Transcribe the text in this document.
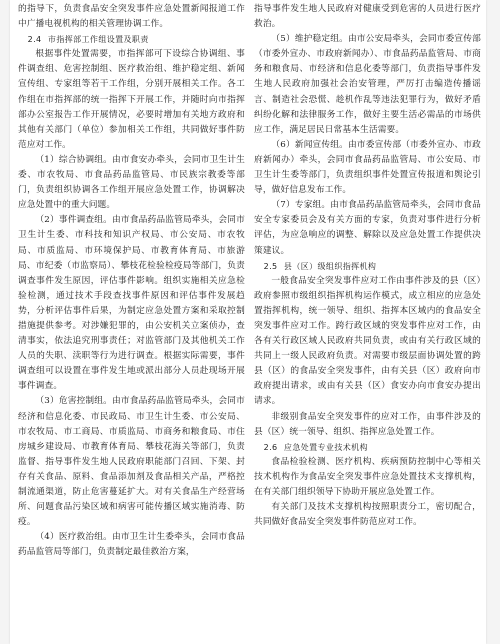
的指导下，负责食品安全突发事件应急处置新闻报道工作中广播电视机构的相关管理协调工作。

2.4 市指挥部工作组设置及职责

根据事件处置需要，市指挥部可下设综合协调组、事件调查组、危害控制组、医疗救治组、维护稳定组、新闻宣传组、专家组等若干工作组，分别开展相关工作。各工作组在市指挥部的统一指挥下开展工作，并随时向市指挥部办公室报告工作开展情况，必要时增加有关地方政府和其他有关部门（单位）参加相关工作组，共同做好事件防范应对工作。

（1）综合协调组。由市食安办牵头，会同市卫生计生委、市农牧局、市食品药品监管局、市民族宗教委等部门，负责组织协调各工作组开展应急处置工作，协调解决应急处置中的重大问题。

（2）事件调查组。由市食品药品监管局牵头，会同市卫生计生委、市科技和知识产权局、市公安局、市农牧局、市质监局、市环境保护局、市教育体育局、市旅游局、市纪委（市监察局）、攀枝花检验检疫局等部门，负责调查事件发生原因，评估事件影响。组织实施相关应急检验检测，通过技术手段查找事件原因和评估事件发展趋势，分析评估事件后果，为制定应急处置方案和采取控制措施提供参考。对涉嫌犯罪的，由公安机关立案侦办，查清事实，依法追究刑事责任；对监管部门及其他机关工作人员的失职、渎职等行为进行调查。根据实际需要，事件调查组可以设置在事件发生地或派出部分人员赴现场开展事件调查。

（3）危害控制组。由市食品药品监管局牵头，会同市经济和信息化委、市民政局、市卫生计生委、市公安局、市农牧局、市工商局、市质监局、市商务和粮食局、市住房城乡建设局、市教育体育局、攀枝花海关等部门，负责监督、指导事件发生地人民政府职能部门召回、下架、封存有关食品、原料、食品添加剂及食品相关产品，严格控制流通渠道，防止危害蔓延扩大。对有关食品生产经营场所、问题食品污染区域和病害可能传播区域实施消毒、防疫。

（4）医疗救治组。由市卫生计生委牵头，会同市食品药品监管局等部门，负责制定最佳救治方案，

指导事件发生地人民政府对健康受到危害的人员进行医疗救治。

（5）维护稳定组。由市公安局牵头，会同市委宣传部（市委外宣办、市政府新闻办）、市食品药品监管局、市商务和粮食局、市经济和信息化委等部门，负责指导事件发生地人民政府加强社会治安管理，严厉打击编造传播谣言、制造社会恐慌、趁机作乱等违法犯罪行为，做好矛盾纠纷化解和法律服务工作，做好主要生活必需品的市场供应工作，满足居民日常基本生活需要。

（6）新闻宣传组。由市委宣传部（市委外宣办、市政府新闻办）牵头，会同市食品药品监管局、市公安局、市卫生计生委等部门，负责组织事件处置宣传报道和舆论引导，做好信息发布工作。

（7）专家组。由市食品药品监管局牵头，会同市食品安全专家委员会及有关方面的专家，负责对事件进行分析评估，为应急响应的调整、解除以及应急处置工作提供决策建议。

2.5 县（区）级组织指挥机构

一般食品安全突发事件应对工作由事件涉及的县（区）政府参照市级组织指挥机构运作模式，成立相应的应急处置指挥机构，统一领导、组织、指挥本区域内的食品安全突发事件应对工作。跨行政区域的突发事件应对工作，由各有关行政区域人民政府共同负责，或由有关行政区域的共同上一级人民政府负责。对需要市级层面协调处置的跨县（区）的食品安全突发事件，由有关县（区）政府向市政府提出请求，或由有关县（区）食安办向市食安办提出请求。

非级别食品安全突发事件的应对工作，由事件涉及的县（区）统一领导、组织、指挥应急处置工作。

2.6 应急处置专业技术机构

食品检验检测、医疗机构、疾病预防控制中心等相关技术机构作为食品安全突发事件应急处置技术支撑机构，在有关部门组织领导下协助开展应急处置工作。

有关部门及技术支撑机构按照职责分工，密切配合，共同做好食品安全突发事件防范应对工作。
